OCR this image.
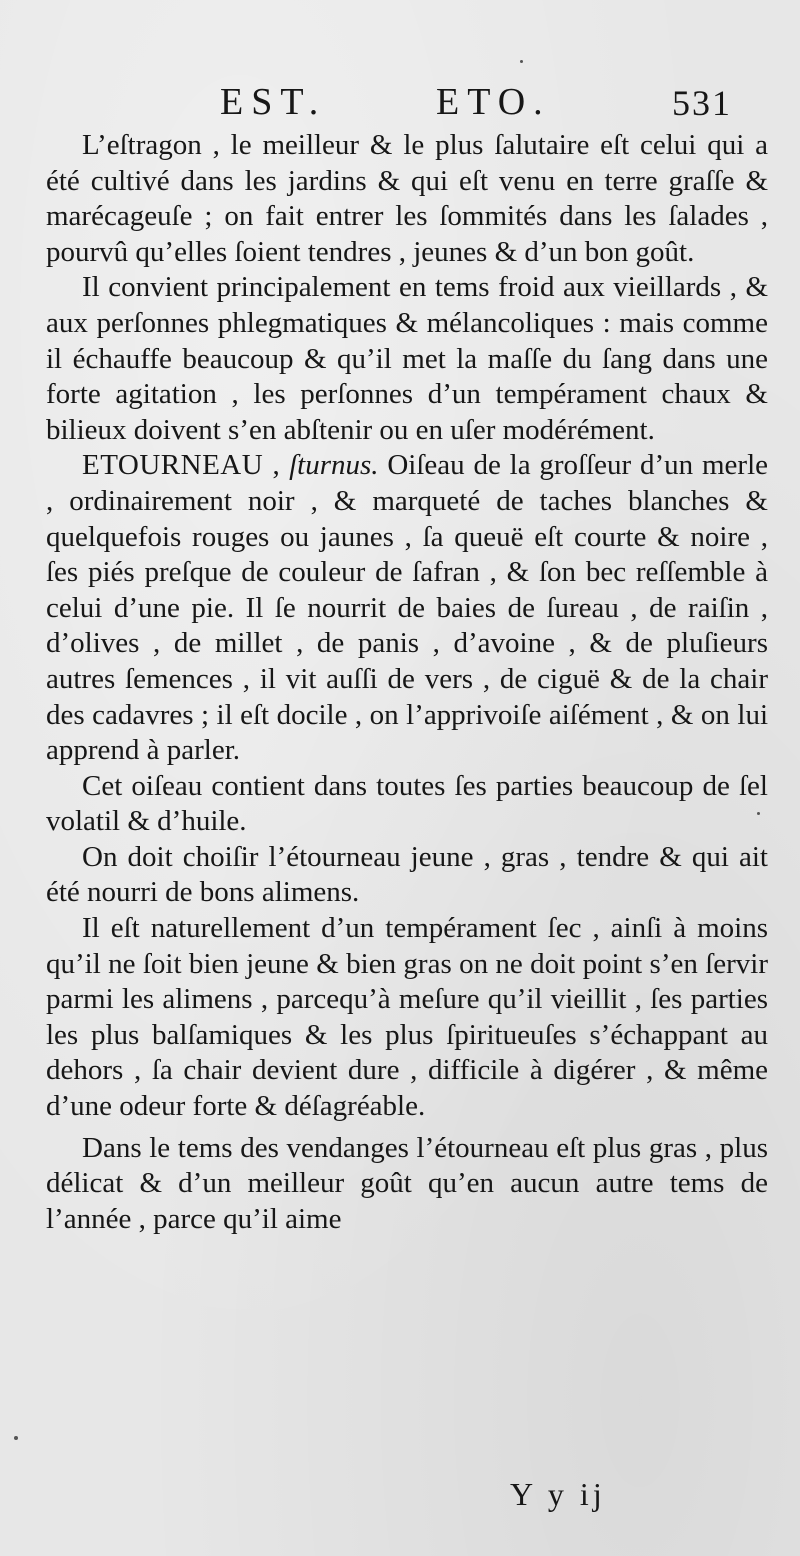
EST.	ETO.	531

L’eſtragon , le meilleur & le plus ſalutaire eſt celui qui a été cultivé dans les jardins & qui eſt venu en terre graſſe & marécageuſe ; on fait entrer les ſommités dans les ſalades , pourvû qu’elles ſoient tendres , jeunes & d’un bon goût.

Il convient principalement en tems froid aux vieillards , & aux perſonnes phlegmatiques & mélancoliques : mais comme il échauffe beaucoup & qu’il met la maſſe du ſang dans une forte agitation , les perſonnes d’un tempérament chaux & bilieux doivent s’en abſtenir ou en uſer modérément.

ETOURNEAU , ſturnus. Oiſeau de la groſſeur d’un merle , ordinairement noir , & marqueté de taches blanches & quelquefois rouges ou jaunes , ſa queuë eſt courte & noire , ſes piés preſque de couleur de ſafran , & ſon bec reſſemble à celui d’une pie. Il ſe nourrit de baies de ſureau , de raiſin , d’olives , de millet , de panis , d’avoine , & de pluſieurs autres ſemences , il vit auſſi de vers , de ciguë & de la chair des cadavres ; il eſt docile , on l’apprivoiſe aiſément , & on lui apprend à parler.

Cet oiſeau contient dans toutes ſes parties beaucoup de ſel volatil & d’huile.

On doit choiſir l’étourneau jeune , gras , tendre & qui ait été nourri de bons alimens.

Il eſt naturellement d’un tempérament ſec , ainſi à moins qu’il ne ſoit bien jeune & bien gras on ne doit point s’en ſervir parmi les alimens , parcequ’à meſure qu’il vieillit , ſes parties les plus balſamiques & les plus ſpiritueuſes s’échappant au dehors , ſa chair devient dure , difficile à digérer , & même d’une odeur forte & déſagréable.

Dans le tems des vendanges l’étourneau eſt plus gras , plus délicat & d’un meilleur goût qu’en aucun autre tems de l’année , parce qu’il aime

Y y ij
